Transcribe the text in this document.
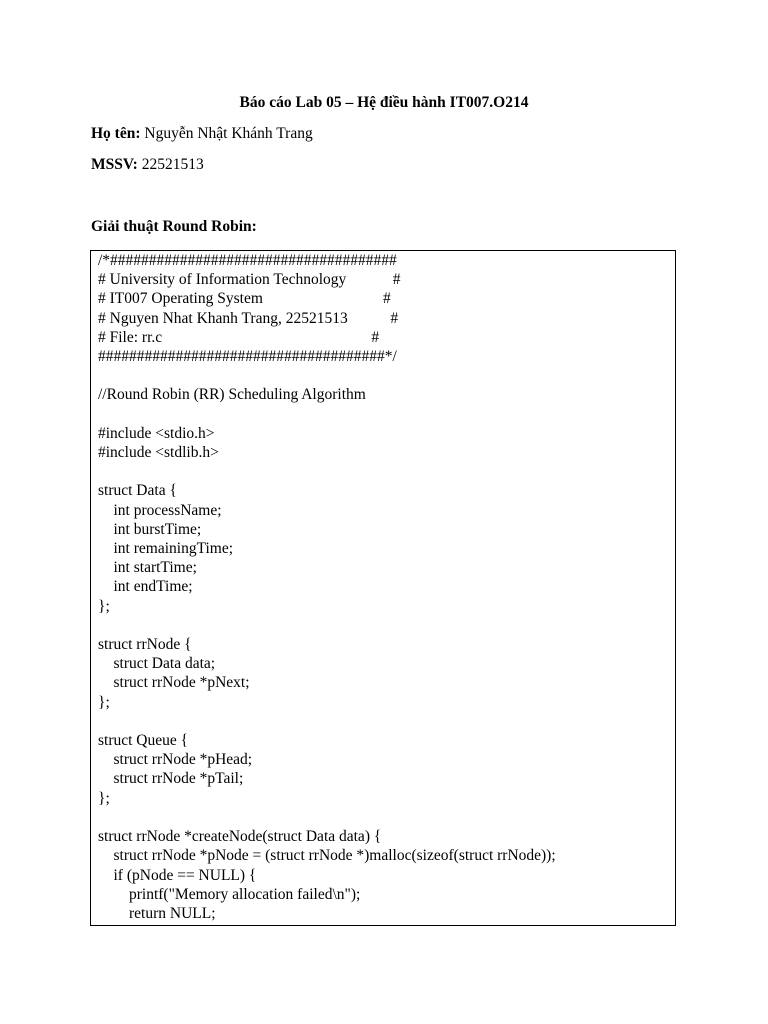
Báo cáo Lab 05 – Hệ điều hành IT007.O214

Họ tên: Nguyễn Nhật Khánh Trang

MSSV: 22521513

Giải thuật Round Robin:
/*#####################################
# University of Information Technology            #
# IT007 Operating System                               #
# Nguyen Nhat Khanh Trang, 22521513           #
# File: rr.c                                                      #
#####################################*/

//Round Robin (RR) Scheduling Algorithm

#include <stdio.h>
#include <stdlib.h>

struct Data {
int processName;
int burstTime;
int remainingTime;
int startTime;
int endTime;
};

struct rrNode {
struct Data data;
struct rrNode *pNext;
};

struct Queue {
struct rrNode *pHead;
struct rrNode *pTail;
};

struct rrNode *createNode(struct Data data) {
struct rrNode *pNode = (struct rrNode *)malloc(sizeof(struct rrNode));
if (pNode == NULL) {
printf("Memory allocation failed\n");
return NULL;
